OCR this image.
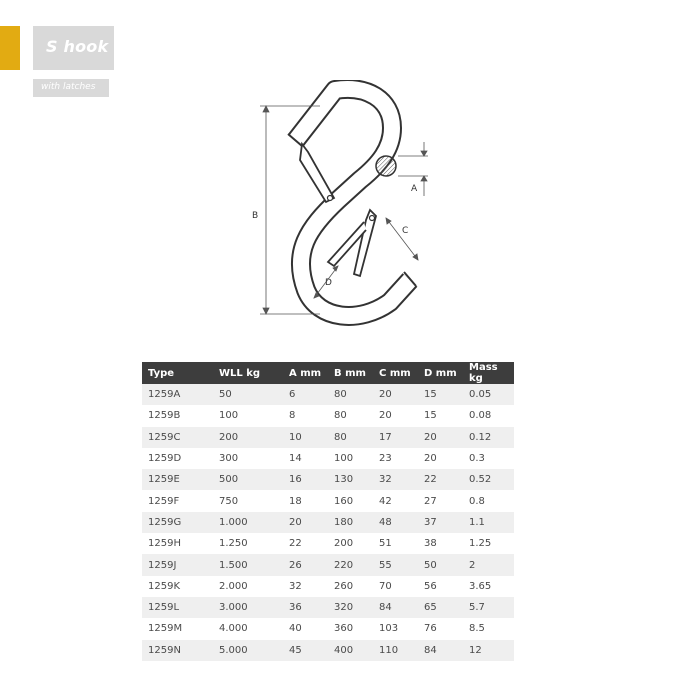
S hook
with latches
B
A
C
D
Type	WLL kg	A mm	B mm	C mm	D mm	Mass kg
1259A	50	6	80	20	15	0.05
1259B	100	8	80	20	15	0.08
1259C	200	10	80	17	20	0.12
1259D	300	14	100	23	20	0.3
1259E	500	16	130	32	22	0.52
1259F	750	18	160	42	27	0.8
1259G	1.000	20	180	48	37	1.1
1259H	1.250	22	200	51	38	1.25
1259J	1.500	26	220	55	50	2
1259K	2.000	32	260	70	56	3.65
1259L	3.000	36	320	84	65	5.7
1259M	4.000	40	360	103	76	8.5
1259N	5.000	45	400	110	84	12
